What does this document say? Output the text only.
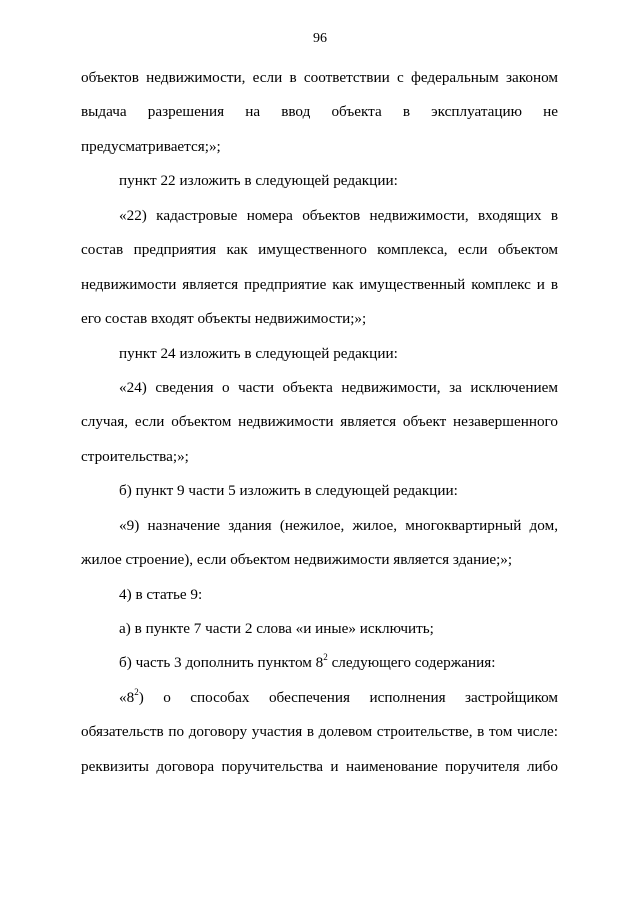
96
объектов недвижимости, если в соответствии с федеральным законом
выдача разрешения на ввод объекта в эксплуатацию не
предусматривается;»;
пункт 22 изложить в следующей редакции:
«22) кадастровые номера объектов недвижимости, входящих в
состав предприятия как имущественного комплекса, если объектом
недвижимости является предприятие как имущественный комплекс и в
его состав входят объекты недвижимости;»;
пункт 24 изложить в следующей редакции:
«24) сведения о части объекта недвижимости, за исключением
случая, если объектом недвижимости является объект незавершенного
строительства;»;
б) пункт 9 части 5 изложить в следующей редакции:
«9) назначение здания (нежилое, жилое, многоквартирный дом,
жилое строение), если объектом недвижимости является здание;»;
4) в статье 9:
а) в пункте 7 части 2 слова «и иные» исключить;
б) часть 3 дополнить пунктом $8^2$ следующего содержания:
«$8^2$) о способах обеспечения исполнения застройщиком
обязательств по договору участия в долевом строительстве, в том числе:
реквизиты договора поручительства и наименование поручителя либо
